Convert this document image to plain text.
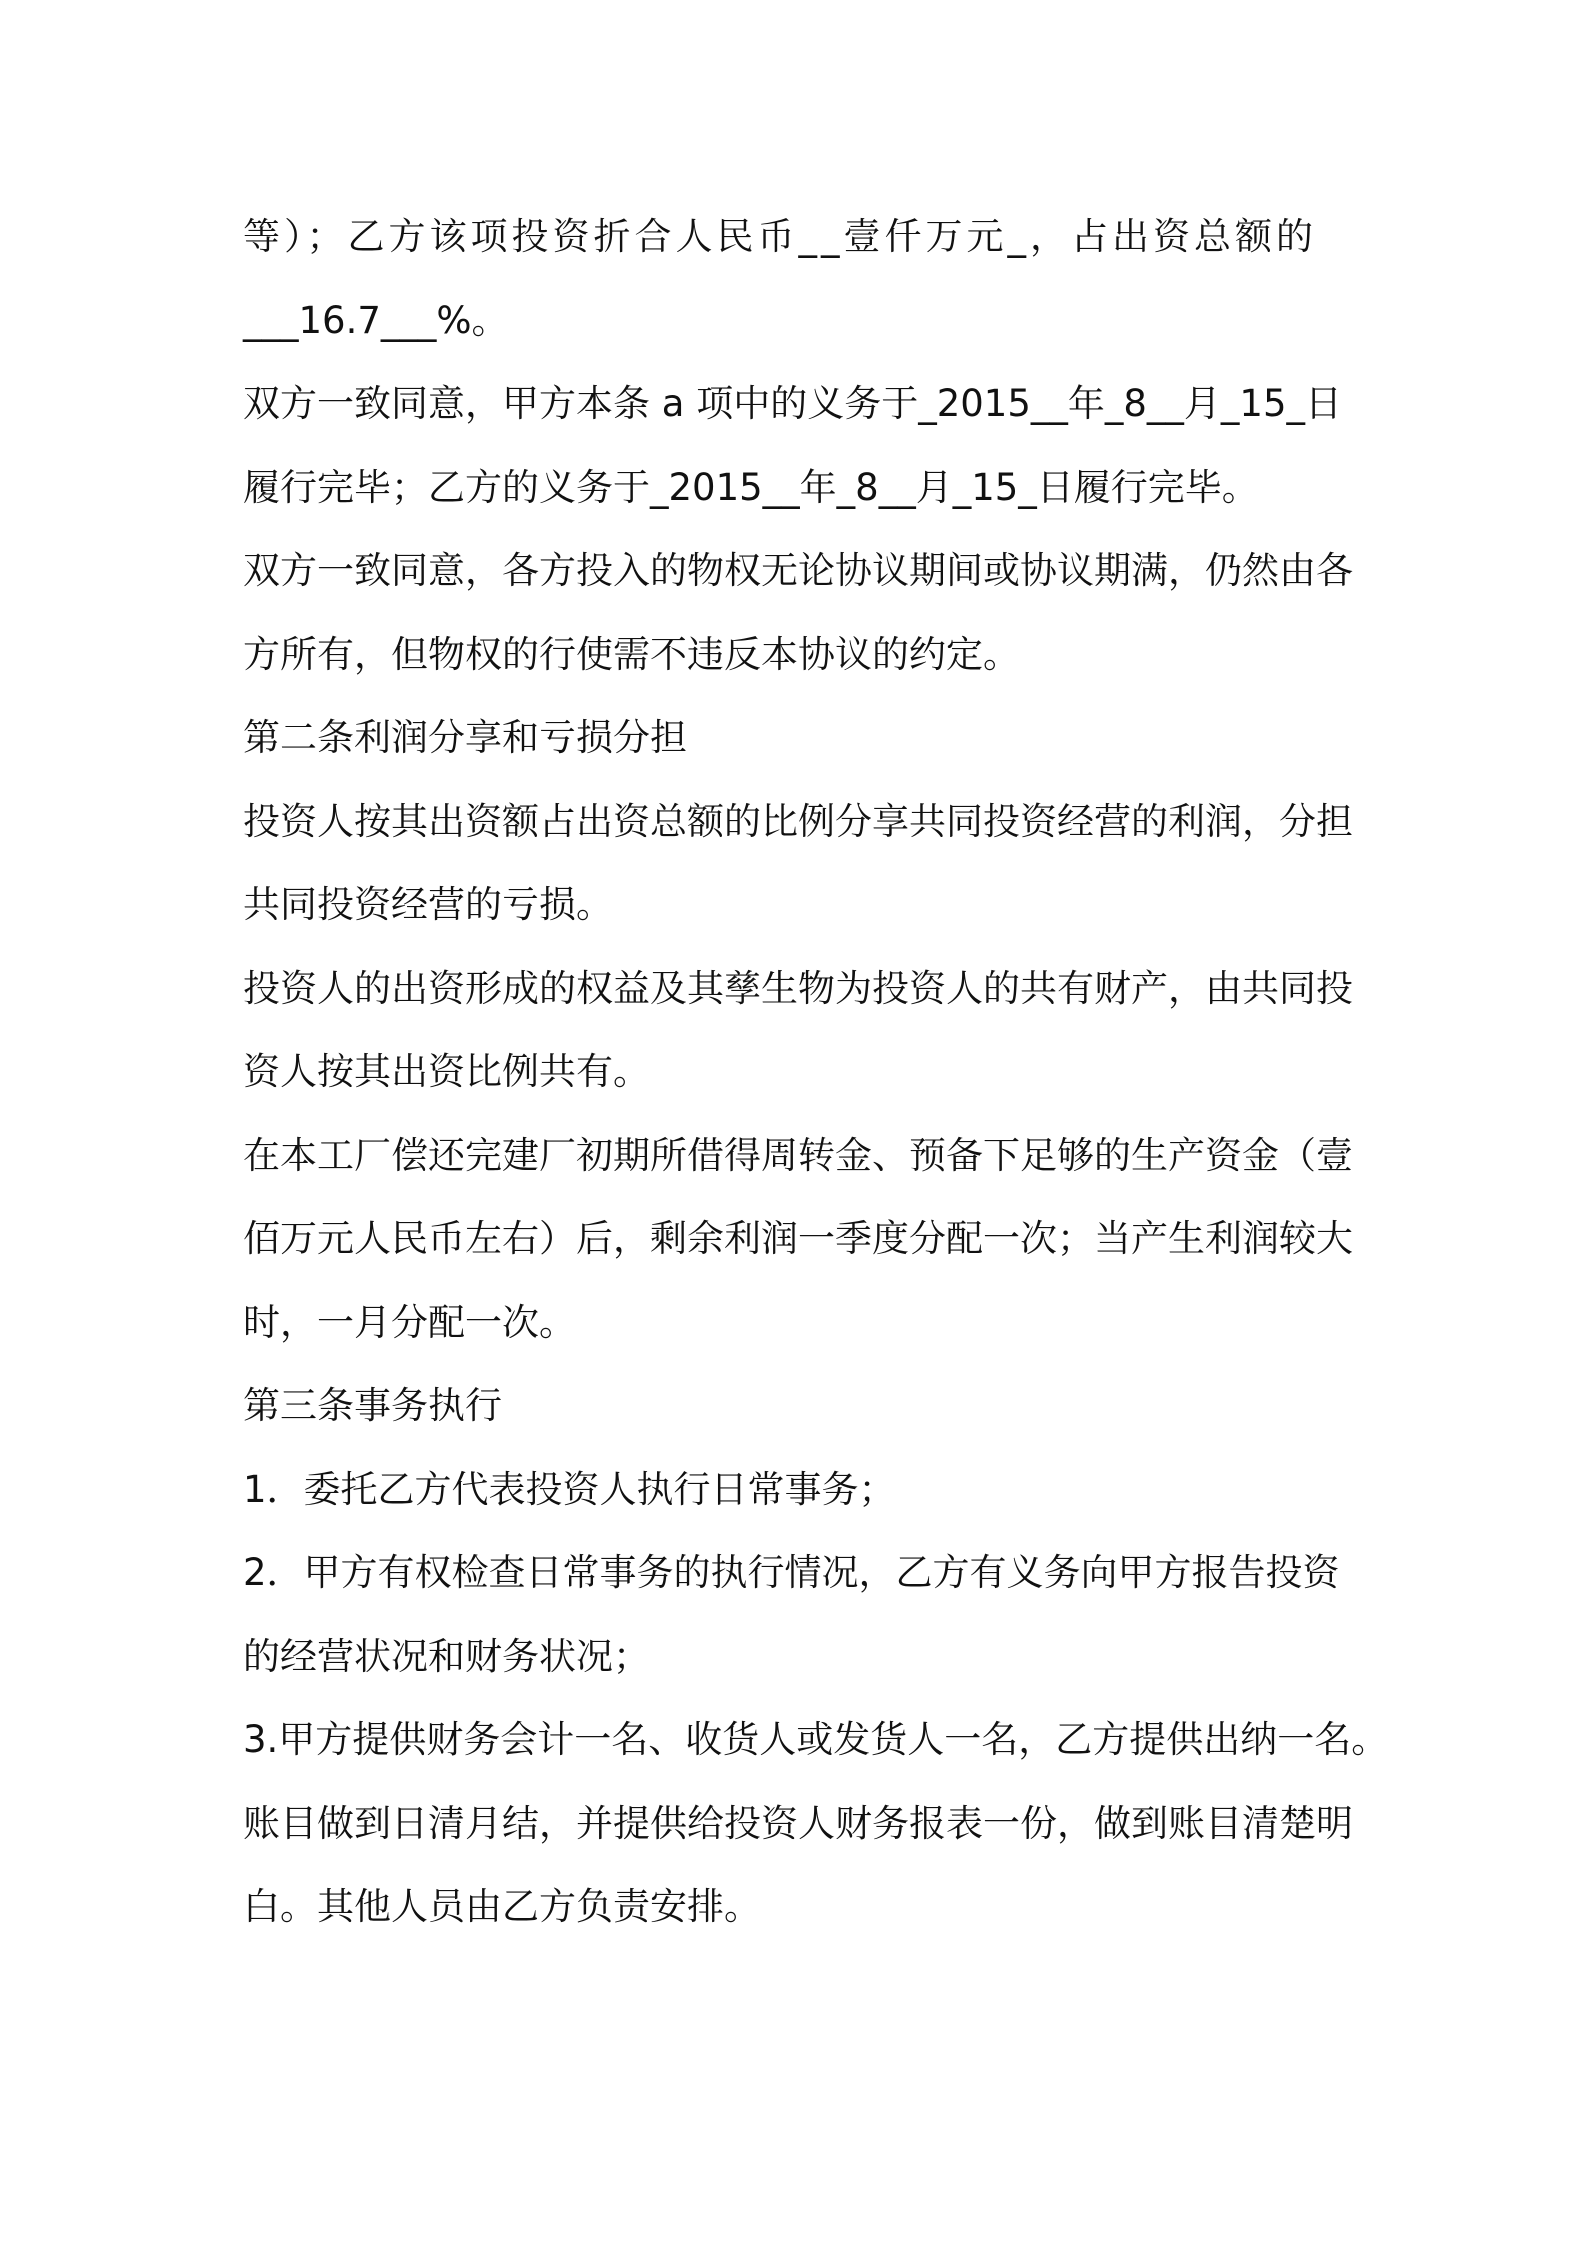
等）；乙方该项投资折合人民币__壹仟万元_，占出资总额的

___16.7___%。

双方一致同意，甲方本条 a 项中的义务于_2015__年_8__月_15_日

履行完毕；乙方的义务于_2015__年_8__月_15_日履行完毕。

双方一致同意，各方投入的物权无论协议期间或协议期满，仍然由各

方所有，但物权的行使需不违反本协议的约定。

第二条利润分享和亏损分担

投资人按其出资额占出资总额的比例分享共同投资经营的利润，分担

共同投资经营的亏损。

投资人的出资形成的权益及其孳生物为投资人的共有财产，由共同投

资人按其出资比例共有。

在本工厂偿还完建厂初期所借得周转金、预备下足够的生产资金（壹

佰万元人民币左右）后，剩余利润一季度分配一次；当产生利润较大

时，一月分配一次。

第三条事务执行

1．委托乙方代表投资人执行日常事务；

2．甲方有权检查日常事务的执行情况，乙方有义务向甲方报告投资

的经营状况和财务状况；

3.甲方提供财务会计一名、收货人或发货人一名，乙方提供出纳一名。

账目做到日清月结，并提供给投资人财务报表一份，做到账目清楚明

白。其他人员由乙方负责安排。
